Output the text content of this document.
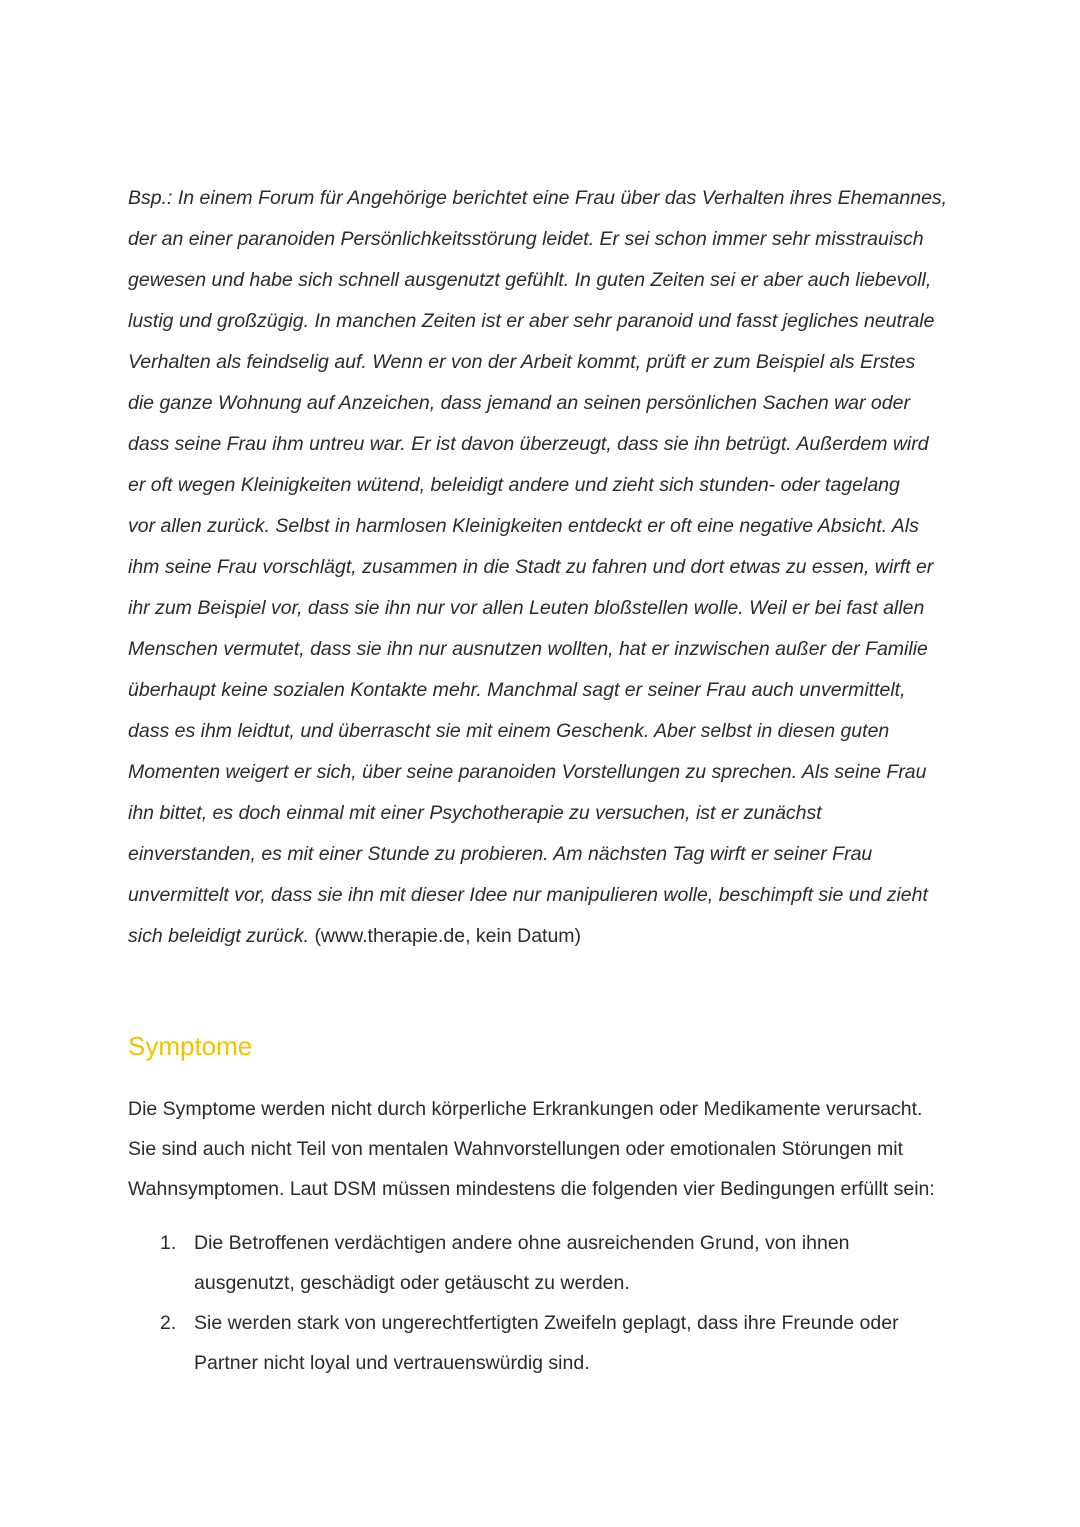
Bsp.: In einem Forum für Angehörige berichtet eine Frau über das Verhalten ihres Ehemannes,
der an einer paranoiden Persönlichkeitsstörung leidet. Er sei schon immer sehr misstrauisch
gewesen und habe sich schnell ausgenutzt gefühlt. In guten Zeiten sei er aber auch liebevoll,
lustig und großzügig. In manchen Zeiten ist er aber sehr paranoid und fasst jegliches neutrale
Verhalten als feindselig auf. Wenn er von der Arbeit kommt, prüft er zum Beispiel als Erstes
die ganze Wohnung auf Anzeichen, dass jemand an seinen persönlichen Sachen war oder
dass seine Frau ihm untreu war. Er ist davon überzeugt, dass sie ihn betrügt. Außerdem wird
er oft wegen Kleinigkeiten wütend, beleidigt andere und zieht sich stunden- oder tagelang
vor allen zurück. Selbst in harmlosen Kleinigkeiten entdeckt er oft eine negative Absicht. Als
ihm seine Frau vorschlägt, zusammen in die Stadt zu fahren und dort etwas zu essen, wirft er
ihr zum Beispiel vor, dass sie ihn nur vor allen Leuten bloßstellen wolle. Weil er bei fast allen
Menschen vermutet, dass sie ihn nur ausnutzen wollten, hat er inzwischen außer der Familie
überhaupt keine sozialen Kontakte mehr. Manchmal sagt er seiner Frau auch unvermittelt,
dass es ihm leidtut, und überrascht sie mit einem Geschenk. Aber selbst in diesen guten
Momenten weigert er sich, über seine paranoiden Vorstellungen zu sprechen. Als seine Frau
ihn bittet, es doch einmal mit einer Psychotherapie zu versuchen, ist er zunächst
einverstanden, es mit einer Stunde zu probieren. Am nächsten Tag wirft er seiner Frau
unvermittelt vor, dass sie ihn mit dieser Idee nur manipulieren wolle, beschimpft sie und zieht
sich beleidigt zurück. (www.therapie.de, kein Datum)

Symptome

Die Symptome werden nicht durch körperliche Erkrankungen oder Medikamente verursacht.
Sie sind auch nicht Teil von mentalen Wahnvorstellungen oder emotionalen Störungen mit
Wahnsymptomen. Laut DSM müssen mindestens die folgenden vier Bedingungen erfüllt sein:

1. Die Betroffenen verdächtigen andere ohne ausreichenden Grund, von ihnen
ausgenutzt, geschädigt oder getäuscht zu werden.
2. Sie werden stark von ungerechtfertigten Zweifeln geplagt, dass ihre Freunde oder
Partner nicht loyal und vertrauenswürdig sind.
